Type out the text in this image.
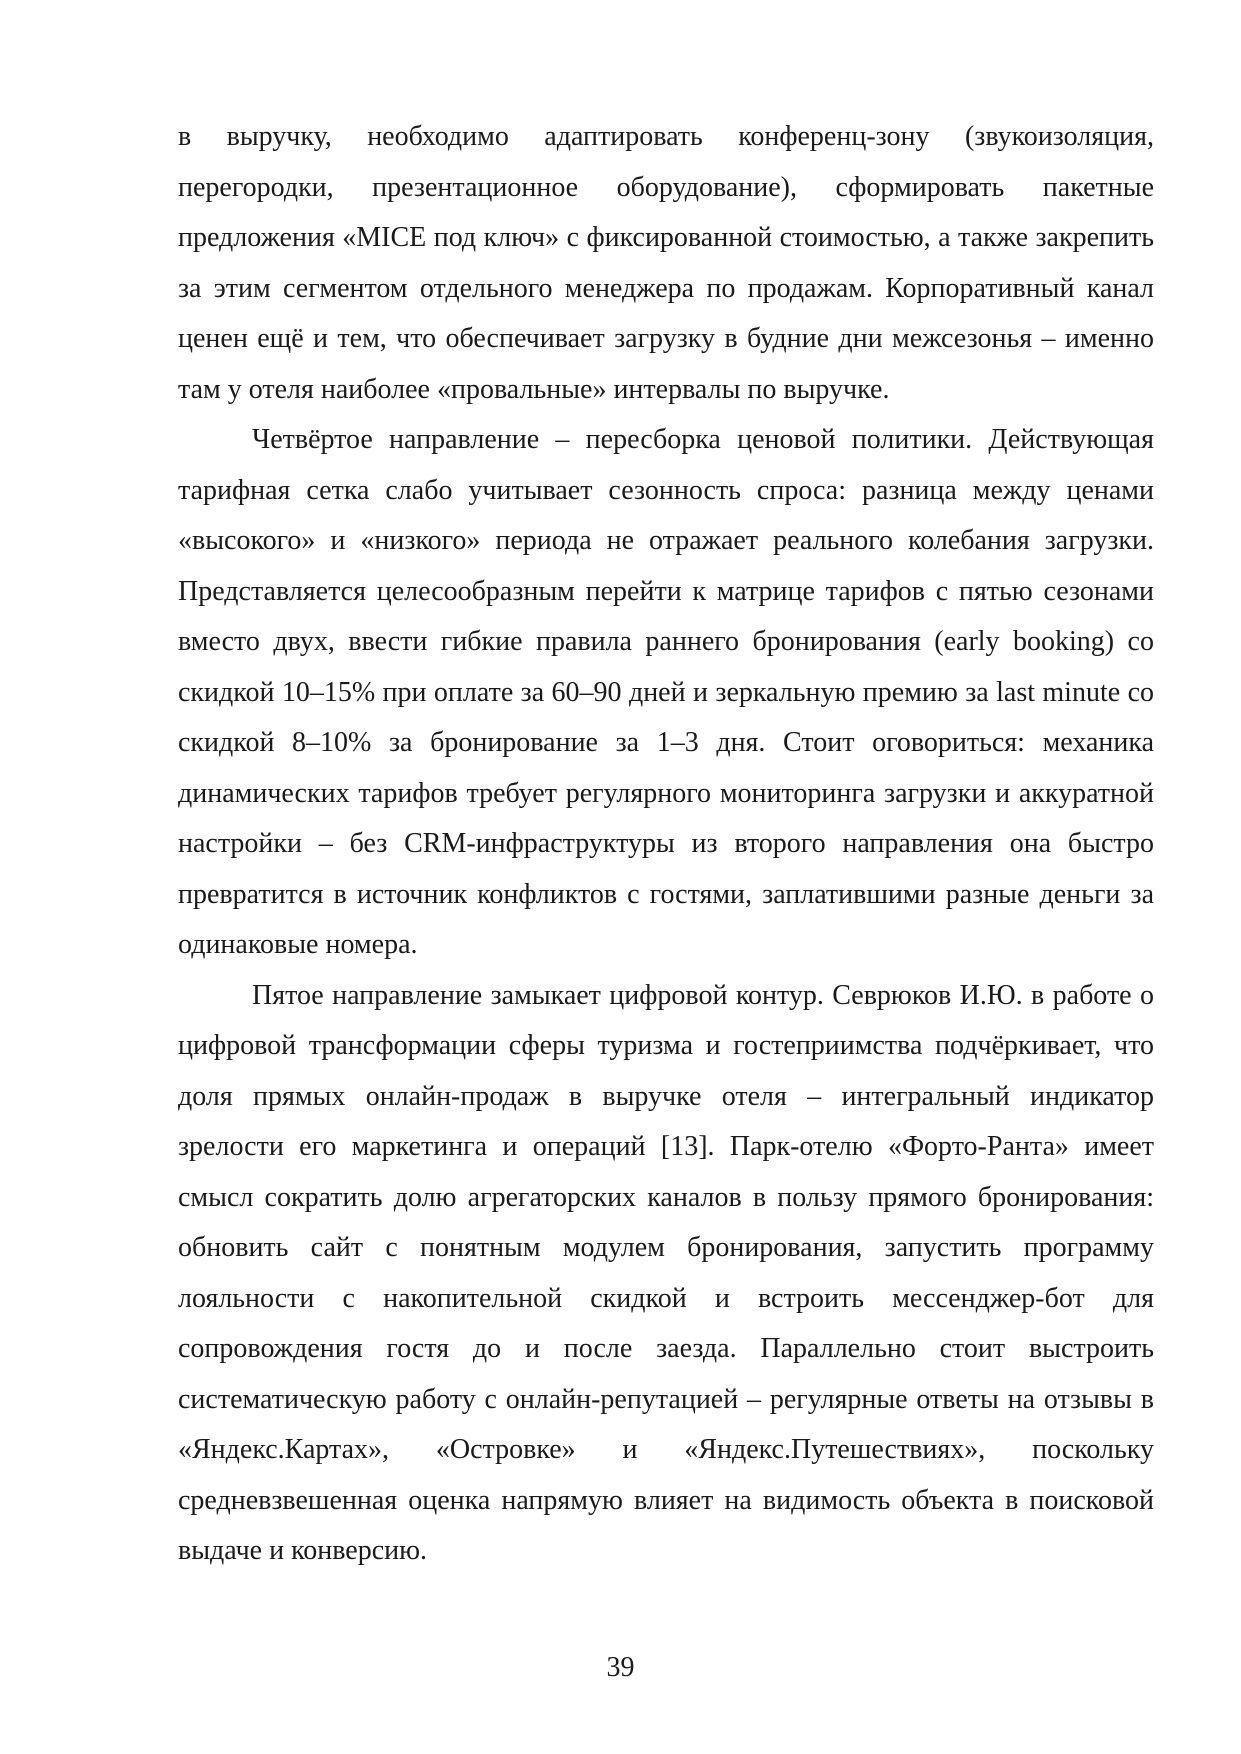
в выручку, необходимо адаптировать конференц-зону (звукоизоляция, перегородки, презентационное оборудование), сформировать пакетные предложения «MICE под ключ» с фиксированной стоимостью, а также закрепить за этим сегментом отдельного менеджера по продажам. Корпоративный канал ценен ещё и тем, что обеспечивает загрузку в будние дни межсезонья – именно там у отеля наиболее «провальные» интервалы по выручке.

Четвёртое направление – пересборка ценовой политики. Действующая тарифная сетка слабо учитывает сезонность спроса: разница между ценами «высокого» и «низкого» периода не отражает реального колебания загрузки. Представляется целесообразным перейти к матрице тарифов с пятью сезонами вместо двух, ввести гибкие правила раннего бронирования (early booking) со скидкой 10–15% при оплате за 60–90 дней и зеркальную премию за last minute со скидкой 8–10% за бронирование за 1–3 дня. Стоит оговориться: механика динамических тарифов требует регулярного мониторинга загрузки и аккуратной настройки – без CRM-инфраструктуры из второго направления она быстро превратится в источник конфликтов с гостями, заплатившими разные деньги за одинаковые номера.

Пятое направление замыкает цифровой контур. Севрюков И.Ю. в работе о цифровой трансформации сферы туризма и гостеприимства подчёркивает, что доля прямых онлайн-продаж в выручке отеля – интегральный индикатор зрелости его маркетинга и операций [13]. Парк-отелю «Форто-Ранта» имеет смысл сократить долю агрегаторских каналов в пользу прямого бронирования: обновить сайт с понятным модулем бронирования, запустить программу лояльности с накопительной скидкой и встроить мессенджер-бот для сопровождения гостя до и после заезда. Параллельно стоит выстроить систематическую работу с онлайн-репутацией – регулярные ответы на отзывы в «Яндекс.Картах», «Островке» и «Яндекс.Путешествиях», поскольку средневзвешенная оценка напрямую влияет на видимость объекта в поисковой выдаче и конверсию.

39
